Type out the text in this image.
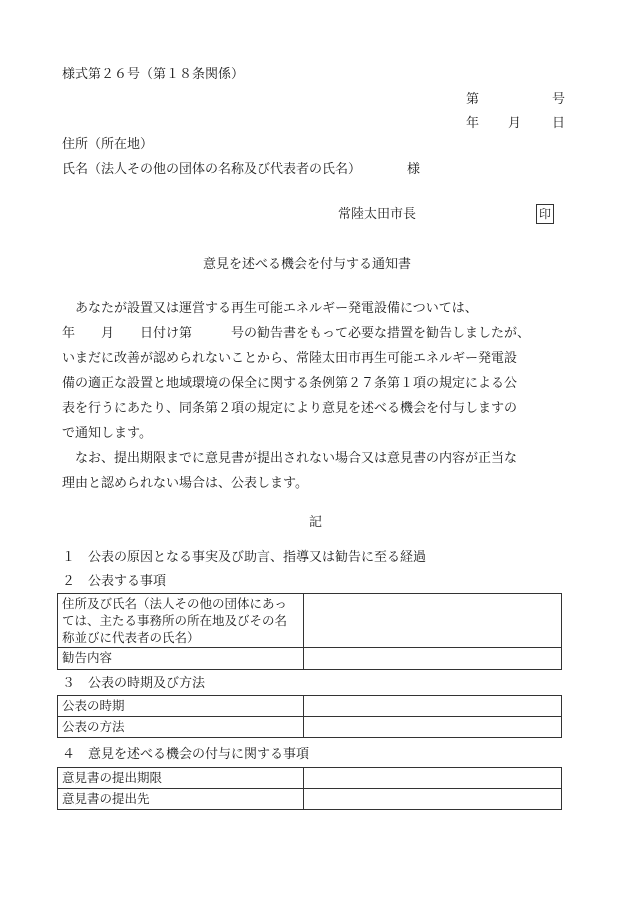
様式第２６号（第１８条関係）
第	号
年 月 日
住所（所在地）
氏名（法人その他の団体の名称及び代表者の氏名）	様
常陸太田市長	印
意見を述べる機会を付与する通知書
　あなたが設置又は運営する再生可能エネルギー発電設備については、
年　　月　　日付け第　　　号の勧告書をもって必要な措置を勧告しましたが、
いまだに改善が認められないことから、常陸太田市再生可能エネルギー発電設
備の適正な設置と地域環境の保全に関する条例第２７条第１項の規定による公
表を行うにあたり、同条第２項の規定により意見を述べる機会を付与しますの
で通知します。
　なお、提出期限までに意見書が提出されない場合又は意見書の内容が正当な
理由と認められない場合は、公表します。
記
１　公表の原因となる事実及び助言、指導又は勧告に至る経過
２　公表する事項
住所及び氏名（法人その他の団体にあっては、主たる事務所の所在地及びその名称並びに代表者の氏名）	
勧告内容	
３　公表の時期及び方法
公表の時期	
公表の方法	
４　意見を述べる機会の付与に関する事項
意見書の提出期限	
意見書の提出先	
